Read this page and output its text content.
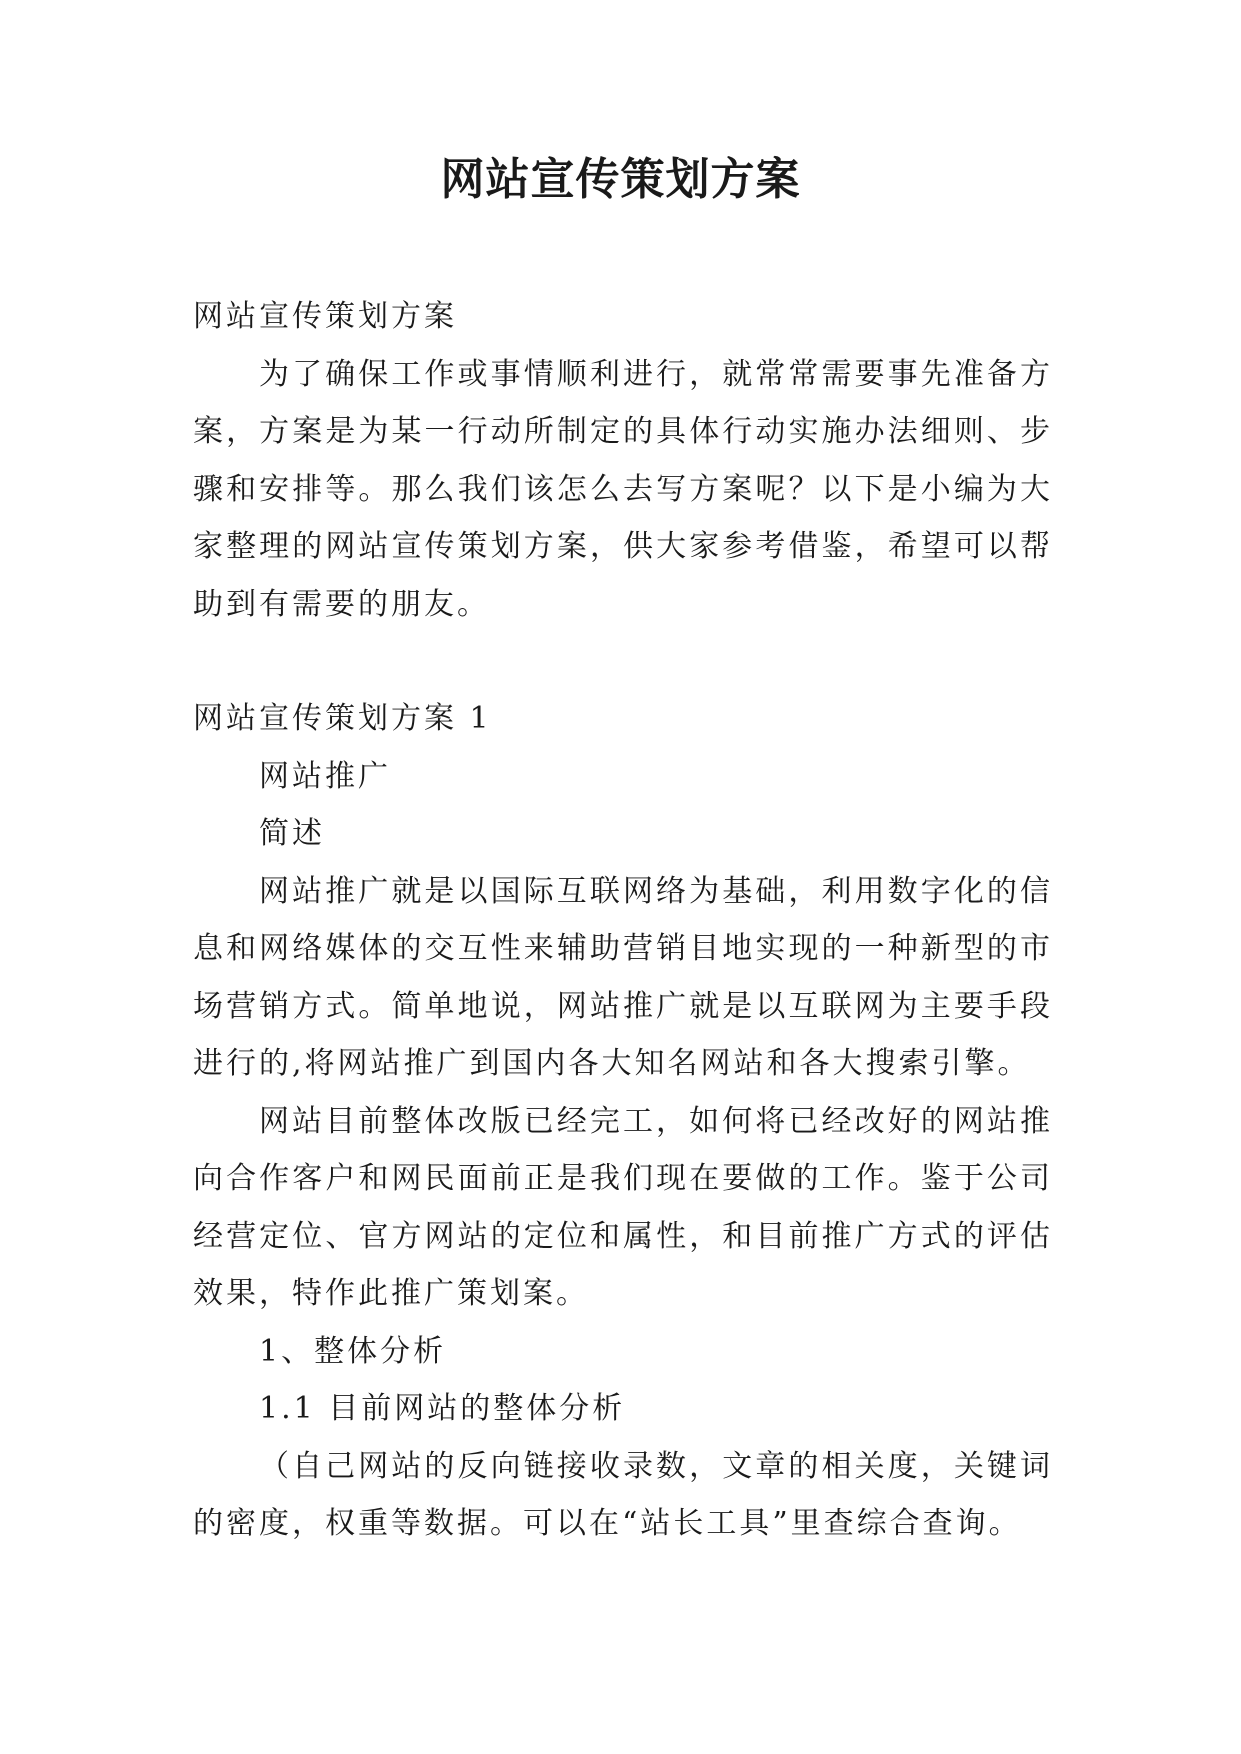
网站宣传策划方案

网站宣传策划方案

为了确保工作或事情顺利进行，就常常需要事先准备方案，方案是为某一行动所制定的具体行动实施办法细则、步骤和安排等。那么我们该怎么去写方案呢？以下是小编为大家整理的网站宣传策划方案，供大家参考借鉴，希望可以帮助到有需要的朋友。

网站宣传策划方案 1

网站推广

简述

网站推广就是以国际互联网络为基础，利用数字化的信息和网络媒体的交互性来辅助营销目地实现的一种新型的市场营销方式。简单地说，网站推广就是以互联网为主要手段进行的,将网站推广到国内各大知名网站和各大搜索引擎。

网站目前整体改版已经完工，如何将已经改好的网站推向合作客户和网民面前正是我们现在要做的工作。鉴于公司经营定位、官方网站的定位和属性，和目前推广方式的评估效果，特作此推广策划案。

1、整体分析

1.1 目前网站的整体分析

（自己网站的反向链接收录数，文章的相关度，关键词的密度，权重等数据。可以在“站长工具”里查综合查询。
